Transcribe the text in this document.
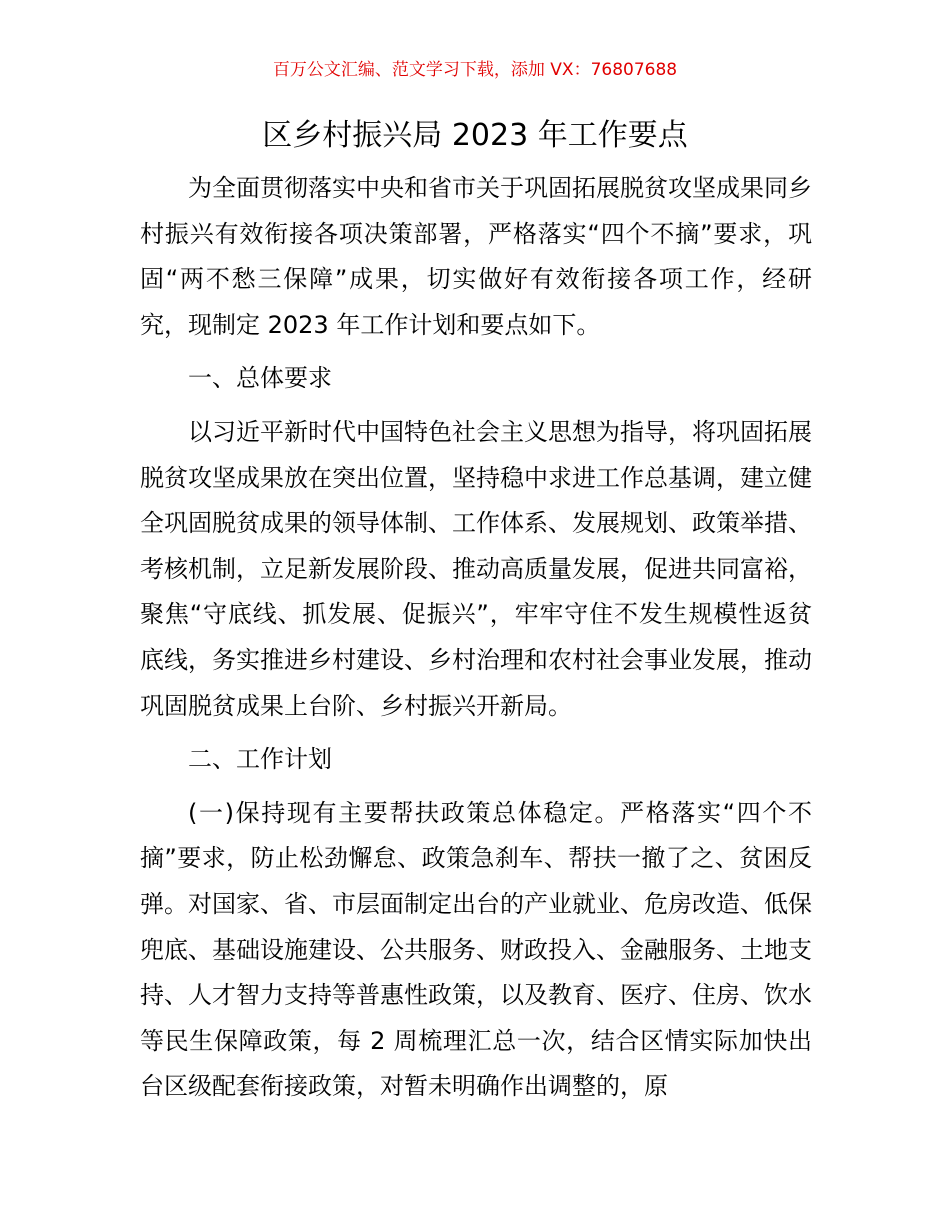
百万公文汇编、范文学习下载，添加 VX：76807688
区乡村振兴局 2023 年工作要点

为全面贯彻落实中央和省市关于巩固拓展脱贫攻坚成果同乡村振兴有效衔接各项决策部署，严格落实“四个不摘”要求，巩固“两不愁三保障”成果，切实做好有效衔接各项工作，经研究，现制定 2023 年工作计划和要点如下。

一、总体要求

以习近平新时代中国特色社会主义思想为指导，将巩固拓展脱贫攻坚成果放在突出位置，坚持稳中求进工作总基调，建立健全巩固脱贫成果的领导体制、工作体系、发展规划、政策举措、考核机制，立足新发展阶段、推动高质量发展，促进共同富裕，聚焦“守底线、抓发展、促振兴”，牢牢守住不发生规模性返贫底线，务实推进乡村建设、乡村治理和农村社会事业发展，推动巩固脱贫成果上台阶、乡村振兴开新局。

二、工作计划

(一)保持现有主要帮扶政策总体稳定。严格落实“四个不摘”要求，防止松劲懈怠、政策急刹车、帮扶一撤了之、贫困反弹。对国家、省、市层面制定出台的产业就业、危房改造、低保兜底、基础设施建设、公共服务、财政投入、金融服务、土地支持、人才智力支持等普惠性政策，以及教育、医疗、住房、饮水等民生保障政策，每 2 周梳理汇总一次，结合区情实际加快出台区级配套衔接政策，对暂未明确作出调整的，原
